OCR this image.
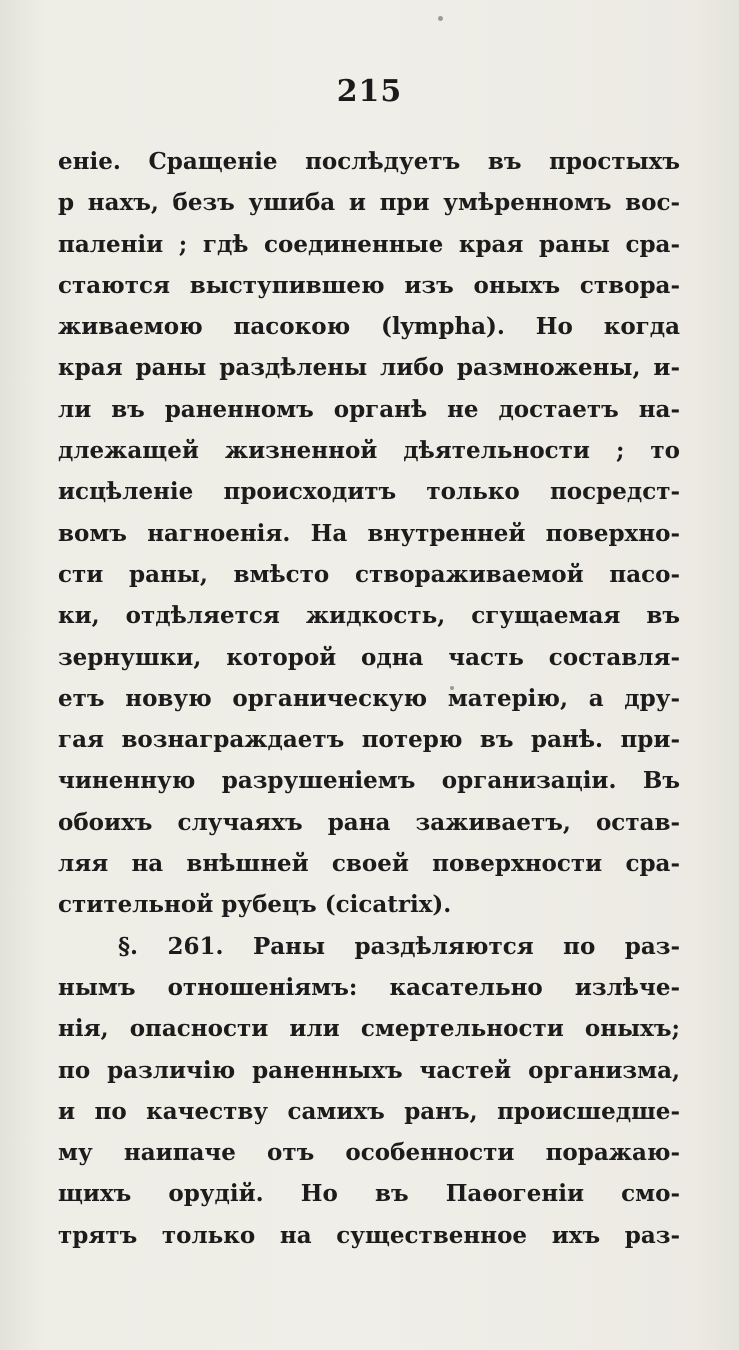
215
еніе. Сращеніе послѣдуетъ въ простыхъ
р нахъ, безъ ушиба и при умѣренномъ вос-
паленіи ; гдѣ соединенные края раны сра-
стаются выступившею изъ оныхъ створа-
живаемою пасокою (lympha). Но когда
края раны раздѣлены либо размножены, и-
ли въ раненномъ органѣ не достаетъ на-
длежащей жизненной дѣятельности ; то
исцѣленіе происходитъ только посредст-
вомъ нагноенія. На внутренней поверхно-
сти раны, вмѣсто створаживаемой пасо-
ки, отдѣляется жидкость, сгущаемая въ
зернушки, которой одна часть составля-
етъ новую органическую матерію, а дру-
гая вознаграждаетъ потерю въ ранѣ. при-
чиненную разрушеніемъ организаціи. Въ
обоихъ случаяхъ рана заживаетъ, остав-
ляя на внѣшней своей поверхности сра-
стительной рубецъ (cicatrix).
§. 261. Раны раздѣляются по раз-
нымъ отношеніямъ: касательно излѣче-
нія, опасности или смертельности оныхъ;
по различію раненныхъ частей организма,
и по качеству самихъ ранъ, происшедше-
му наипаче отъ особенности поражаю-
щихъ орудій. Но въ Паѳогеніи смо-
трятъ только на существенное ихъ раз-
